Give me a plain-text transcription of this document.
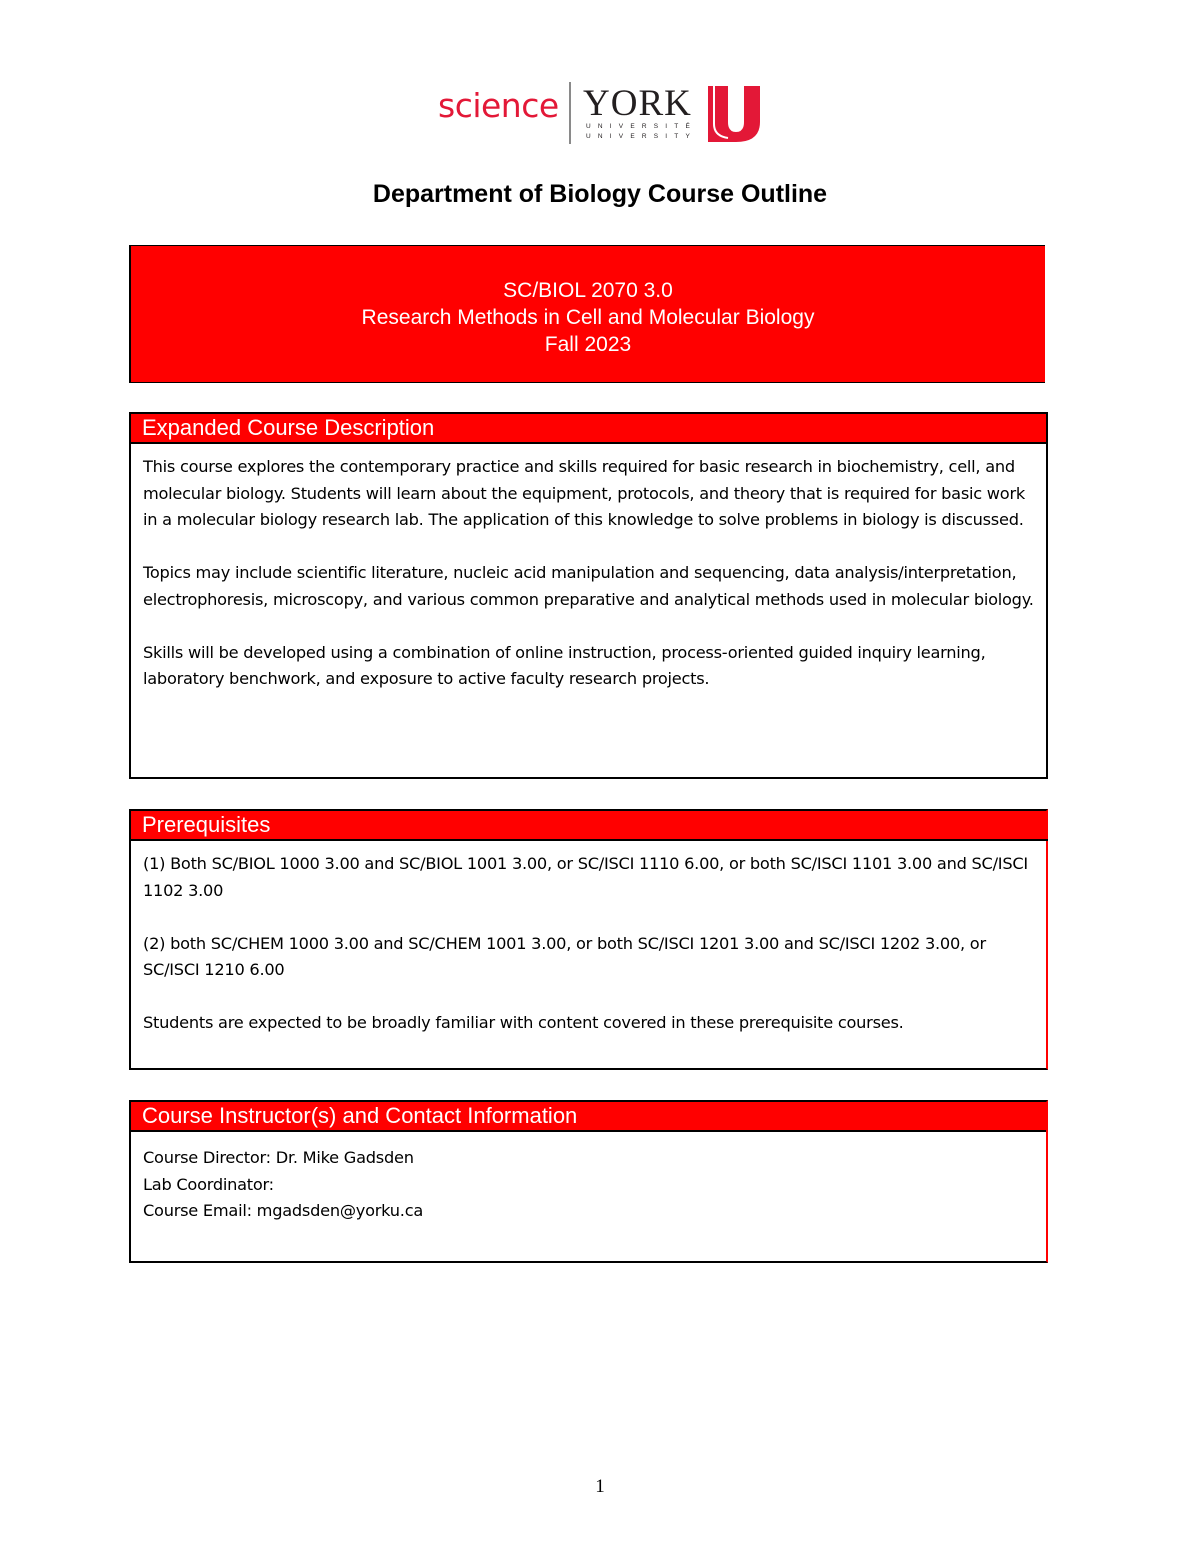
science YORK
UNIVERSITÉ
UNIVERSITY
Department of Biology Course Outline
SC/BIOL 2070 3.0
Research Methods in Cell and Molecular Biology
Fall 2023
Expanded Course Description

This course explores the contemporary practice and skills required for basic research in biochemistry, cell, and molecular biology. Students will learn about the equipment, protocols, and theory that is required for basic work in a molecular biology research lab. The application of this knowledge to solve problems in biology is discussed.

Topics may include scientific literature, nucleic acid manipulation and sequencing, data analysis/interpretation, electrophoresis, microscopy, and various common preparative and analytical methods used in molecular biology.

Skills will be developed using a combination of online instruction, process-oriented guided inquiry learning, laboratory benchwork, and exposure to active faculty research projects.

Prerequisites

(1) Both SC/BIOL 1000 3.00 and SC/BIOL 1001 3.00, or SC/ISCI 1110 6.00, or both SC/ISCI 1101 3.00 and SC/ISCI 1102 3.00

(2) both SC/CHEM 1000 3.00 and SC/CHEM 1001 3.00, or both SC/ISCI 1201 3.00 and SC/ISCI 1202 3.00, or SC/ISCI 1210 6.00

Students are expected to be broadly familiar with content covered in these prerequisite courses.

Course Instructor(s) and Contact Information
Course Director: Dr. Mike Gadsden
Lab Coordinator:
Course Email: mgadsden@yorku.ca
1
